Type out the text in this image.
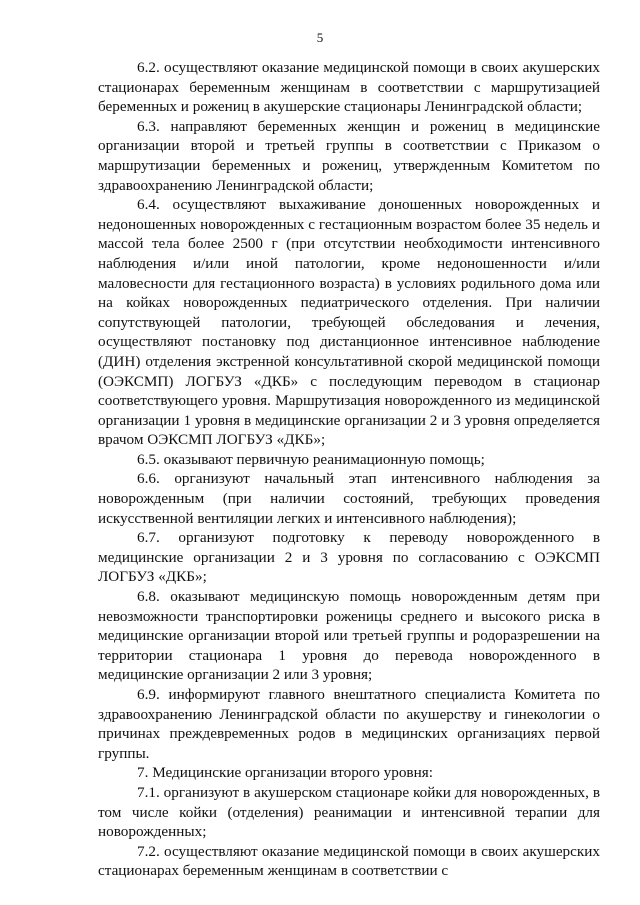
5

6.2. осуществляют оказание медицинской помощи в своих акушерских стационарах беременным женщинам в соответствии с маршрутизацией беременных и рожениц в акушерские стационары Ленинградской области;

6.3. направляют беременных женщин и рожениц в медицинские организации второй и третьей группы в соответствии с Приказом о маршрутизации беременных и рожениц, утвержденным Комитетом по здравоохранению Ленинградской области;

6.4. осуществляют выхаживание доношенных новорожденных и недоношенных новорожденных с гестационным возрастом более 35 недель и массой тела более 2500 г (при отсутствии необходимости интенсивного наблюдения и/или иной патологии, кроме недоношенности и/или маловесности для гестационного возраста) в условиях родильного дома или на койках новорожденных педиатрического отделения. При наличии сопутствующей патологии, требующей обследования и лечения, осуществляют постановку под дистанционное интенсивное наблюдение (ДИН) отделения экстренной консультативной скорой медицинской помощи (ОЭКСМП) ЛОГБУЗ «ДКБ» с последующим переводом в стационар соответствующего уровня. Маршрутизация новорожденного из медицинской организации 1 уровня в медицинские организации 2 и 3 уровня определяется врачом ОЭКСМП ЛОГБУЗ «ДКБ»;

6.5. оказывают первичную реанимационную помощь;

6.6. организуют начальный этап интенсивного наблюдения за новорожденным (при наличии состояний, требующих проведения искусственной вентиляции легких и интенсивного наблюдения);

6.7. организуют подготовку к переводу новорожденного в медицинские организации 2 и 3 уровня по согласованию с ОЭКСМП ЛОГБУЗ «ДКБ»;

6.8. оказывают медицинскую помощь новорожденным детям при невозможности транспортировки роженицы среднего и высокого риска в медицинские организации второй или третьей группы и родоразрешении на территории стационара 1 уровня до перевода новорожденного в медицинские организации 2 или 3 уровня;

6.9. информируют главного внештатного специалиста Комитета по здравоохранению Ленинградской области по акушерству и гинекологии о причинах преждевременных родов в медицинских организациях первой группы.

7. Медицинские организации второго уровня:

7.1. организуют в акушерском стационаре койки для новорожденных, в том числе койки (отделения) реанимации и интенсивной терапии для новорожденных;

7.2. осуществляют оказание медицинской помощи в своих акушерских стационарах беременным женщинам в соответствии с
